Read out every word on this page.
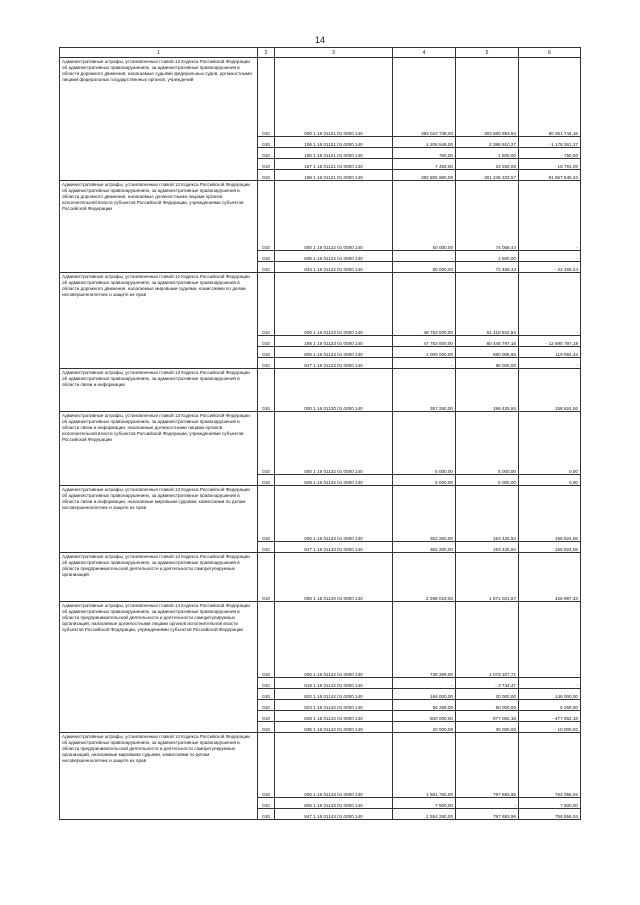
14
1	2	3	4	5	6
Административные штрафы, установленные главой 12 Кодекса Российской Федерации об административных правонарушениях, за административные правонарушения в области дорожного движения, налагаемые судьями федеральных судов, должностными лицами федеральных государственных органов, учреждений	010	000 1 16 01121 01 0000 140	384 022 738,00	303 660 993,84	80 361 744,16
	010	106 1 16 01121 01 0000 140	1 208 549,00	2 386 910,27	- 1 178 361,27
	010	180 1 16 01121 01 0000 140	750,00	1 500,00	- 750,00
	010	187 1 16 01121 01 0000 140	7 459,00	24 250,00	- 16 791,00
	010	188 1 16 01121 01 0000 140	382 805 980,00	301 248 333,57	81 557 646,43
Административные штрафы, установленные главой 12 Кодекса Российской Федерации об административных правонарушениях, за административные правонарушения в области дорожного движения, налагаемые должностными лицами органов исполнительной власти субъектов Российской Федерации, учреждениями субъектов Российской Федерации	010	000 1 16 01122 01 0000 140	50 000,00	74 058,44	-
	010	835 1 16 01122 01 0000 140	-	1 600,00	-
	010	844 1 16 01122 01 0000 140	50 000,00	72 458,44	- 22 458,44
Административные штрафы, установленные главой 12 Кодекса Российской Федерации об административных правонарушениях, за административные правонарушения в области дорожного движения, налагаемые мировыми судьями, комиссиями по делам несовершеннолетних и защите их прав	010	000 1 16 01123 01 0000 140	48 753 000,00	61 418 502,84	-
	010	188 1 16 01123 01 0000 140	47 753 000,00	60 448 797,18	- 12 695 797,18
	010	805 1 16 01123 01 0000 140	1 000 000,00	880 005,66	119 994,34
	010	847 1 16 01123 01 0000 140	-	88 000,00	-
Административные штрафы, установленные главой 13 Кодекса Российской Федерации об административных правонарушениях, за административные правонарушения в области связи и информации	010	000 1 16 01130 01 0000 140	357 250,00	198 425,94	158 824,06
Административные штрафы, установленные главой 13 Кодекса Российской Федерации об административных правонарушениях, за административные правонарушения в области связи и информации, налагаемые должностными лицами органов исполнительной власти субъектов Российской Федерации, учреждениями субъектов Российской Федерации	010	000 1 16 01132 01 0000 140	5 000,00	5 000,00	0,00
	010	829 1 16 01132 01 0000 140	5 000,00	5 000,00	0,00
Административные штрафы, установленные главой 13 Кодекса Российской Федерации об административных правонарушениях, за административные правонарушения в области связи и информации, налагаемые мировыми судьями, комиссиями по делам несовершеннолетних и защите их прав	010	000 1 16 01133 01 0000 140	352 250,00	193 425,94	158 824,06
	010	847 1 16 01133 01 0000 140	352 250,00	193 425,94	158 824,06
Административные штрафы, установленные главой 14 Кодекса Российской Федерации об административных правонарушениях, за административные правонарушения в области предпринимательской деятельности и деятельности саморегулируемых организаций	010	000 1 16 01140 01 0000 140	2 298 019,00	1 871 021,67	426 997,33
Административные штрафы, установленные главой 14 Кодекса Российской Федерации об административных правонарушениях, за административные правонарушения в области предпринимательской деятельности и деятельности саморегулируемых организаций, налагаемые должностными лицами органов исполнительной власти субъектов Российской Федерации, учреждениями субъектов Российской Федерации	010	000 1 16 01142 01 0000 140	738 269,00	1 073 327,71	-
	010	819 1 16 01142 01 0000 140	-	- 3 734,47	-
	010	822 1 16 01142 01 0000 140	166 000,00	20 000,00	146 000,00
	010	823 1 16 01142 01 0000 140	56 269,00	50 000,00	6 269,00
	010	829 1 16 01142 01 0000 140	500 000,00	977 062,18	- 477 062,18
	010	835 1 16 01142 01 0000 140	20 000,00	30 000,00	- 10 000,00
Административные штрафы, установленные главой 14 Кодекса Российской Федерации об административных правонарушениях, за административные правонарушения в области предпринимательской деятельности и деятельности саморегулируемых организаций, налагаемые мировыми судьями, комиссиями по делам несовершеннолетних и защите их прав	010	000 1 16 01143 01 0000 140	1 561 750,00	797 693,96	764 056,04
	010	805 1 16 01143 01 0000 140	7 500,00	-	7 500,00
	010	847 1 16 01143 01 0000 140	1 554 250,00	797 693,96	756 556,04
